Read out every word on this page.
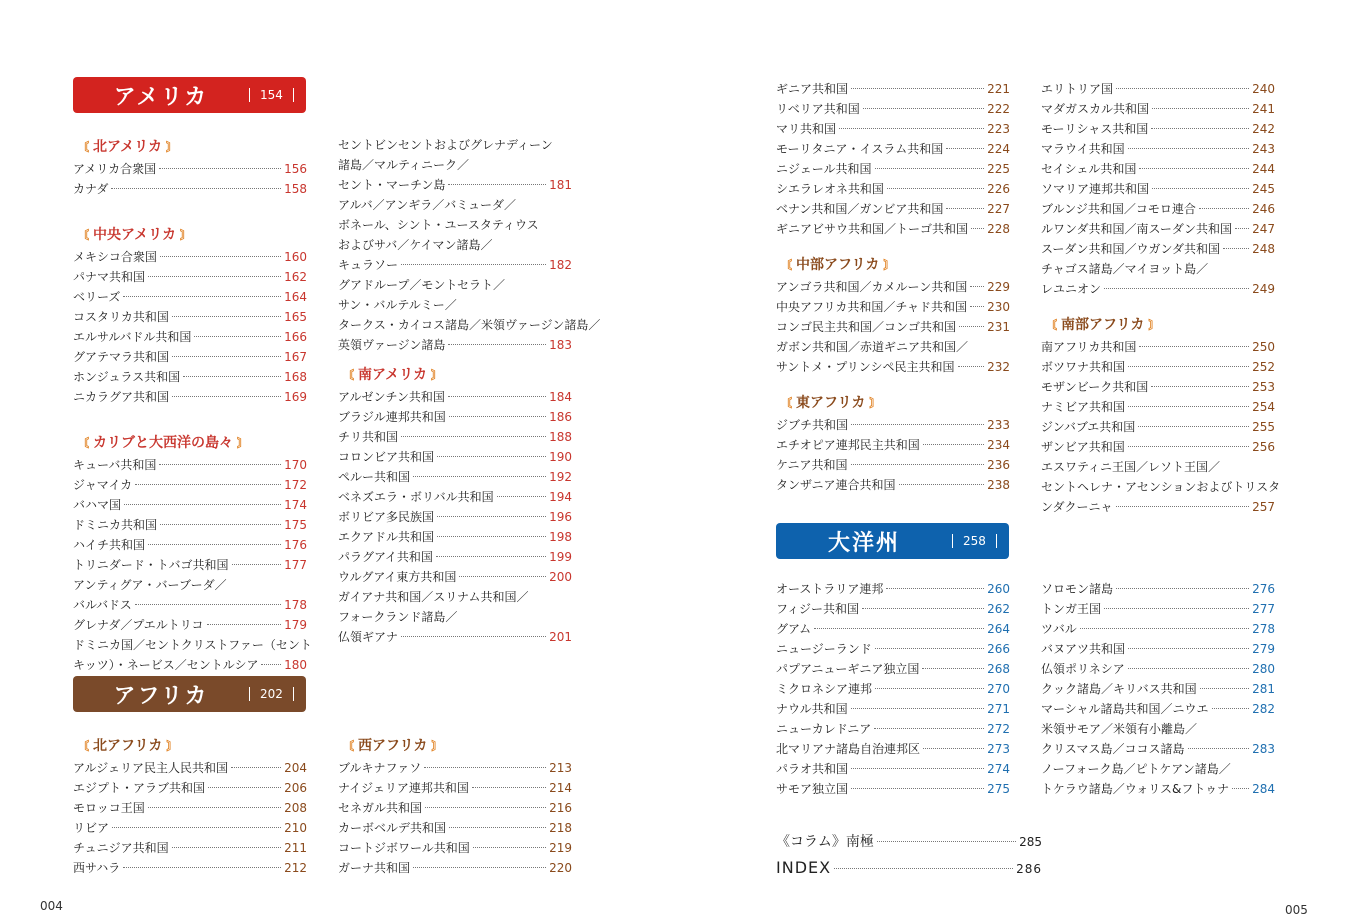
アメリカ	154
〘 北アメリカ 〙
アメリカ合衆国	156
カナダ	158
〘 中央アメリカ 〙
メキシコ合衆国	160
パナマ共和国	162
ベリーズ	164
コスタリカ共和国	165
エルサルバドル共和国	166
グアテマラ共和国	167
ホンジュラス共和国	168
ニカラグア共和国	169
〘 カリブと大西洋の島々 〙
キューバ共和国	170
ジャマイカ	172
バハマ国	174
ドミニカ共和国	175
ハイチ共和国	176
トリニダード・トバゴ共和国	177
アンティグア・バーブーダ／
バルバドス	178
グレナダ／プエルトリコ	179
ドミニカ国／セントクリストファー（セント
キッツ）・ネービス／セントルシア 180
セントビンセントおよびグレナディーン
諸島／マルティニーク／
セント・マーチン島	181
アルバ／アンギラ／バミューダ／
ボネール、シント・ユースタティウス
およびサバ／ケイマン諸島／
キュラソー	182
グアドループ／モントセラト／
サン・バルテルミー／
タークス・カイコス諸島／米領ヴァージン諸島／
英領ヴァージン諸島	183
〘 南アメリカ 〙
アルゼンチン共和国	184
ブラジル連邦共和国	186
チリ共和国	188
コロンビア共和国	190
ペルー共和国	192
ベネズエラ・ボリバル共和国	194
ボリビア多民族国	196
エクアドル共和国	198
パラグアイ共和国	199
ウルグアイ東方共和国	200
ガイアナ共和国／スリナム共和国／
フォークランド諸島／
仏領ギアナ	201
アフリカ	202
〘 北アフリカ 〙
アルジェリア民主人民共和国	204
エジプト・アラブ共和国	206
モロッコ王国	208
リビア	210
チュニジア共和国	211
西サハラ	212
〘 西アフリカ 〙
ブルキナファソ	213
ナイジェリア連邦共和国	214
セネガル共和国	216
カーボベルデ共和国	218
コートジボワール共和国	219
ガーナ共和国	220
004
ギニア共和国	221
リベリア共和国	222
マリ共和国	223
モーリタニア・イスラム共和国	224
ニジェール共和国	225
シエラレオネ共和国	226
ベナン共和国／ガンビア共和国	227
ギニアビサウ共和国／トーゴ共和国 228
〘 中部アフリカ 〙
アンゴラ共和国／カメルーン共和国 229
中央アフリカ共和国／チャド共和国 230
コンゴ民主共和国／コンゴ共和国	231
ガボン共和国／赤道ギニア共和国／
サントメ・プリンシペ民主共和国	232
〘 東アフリカ 〙
ジブチ共和国	233
エチオピア連邦民主共和国	234
ケニア共和国	236
タンザニア連合共和国	238
エリトリア国	240
マダガスカル共和国	241
モーリシャス共和国	242
マラウイ共和国	243
セイシェル共和国	244
ソマリア連邦共和国	245
ブルンジ共和国／コモロ連合	246
ルワンダ共和国／南スーダン共和国 247
スーダン共和国／ウガンダ共和国	248
チャゴス諸島／マイヨット島／
レユニオン	249
〘 南部アフリカ 〙
南アフリカ共和国	250
ボツワナ共和国	252
モザンビーク共和国	253
ナミビア共和国	254
ジンバブエ共和国	255
ザンビア共和国	256
エスワティニ王国／レソト王国／
セントヘレナ・アセンションおよびトリスタ
ンダクーニャ	257
大洋州	258
オーストラリア連邦	260
フィジー共和国	262
グアム	264
ニュージーランド	266
パプアニューギニア独立国	268
ミクロネシア連邦	270
ナウル共和国	271
ニューカレドニア	272
北マリアナ諸島自治連邦区	273
パラオ共和国	274
サモア独立国	275
ソロモン諸島	276
トンガ王国	277
ツバル	278
バヌアツ共和国	279
仏領ポリネシア	280
クック諸島／キリバス共和国	281
マーシャル諸島共和国／ニウエ	282
米領サモア／米領有小離島／
クリスマス島／ココス諸島	283
ノーフォーク島／ピトケアン諸島／
トケラウ諸島／ウォリス&フトゥナ 284
《コラム》南極	285
INDEX	286
005
